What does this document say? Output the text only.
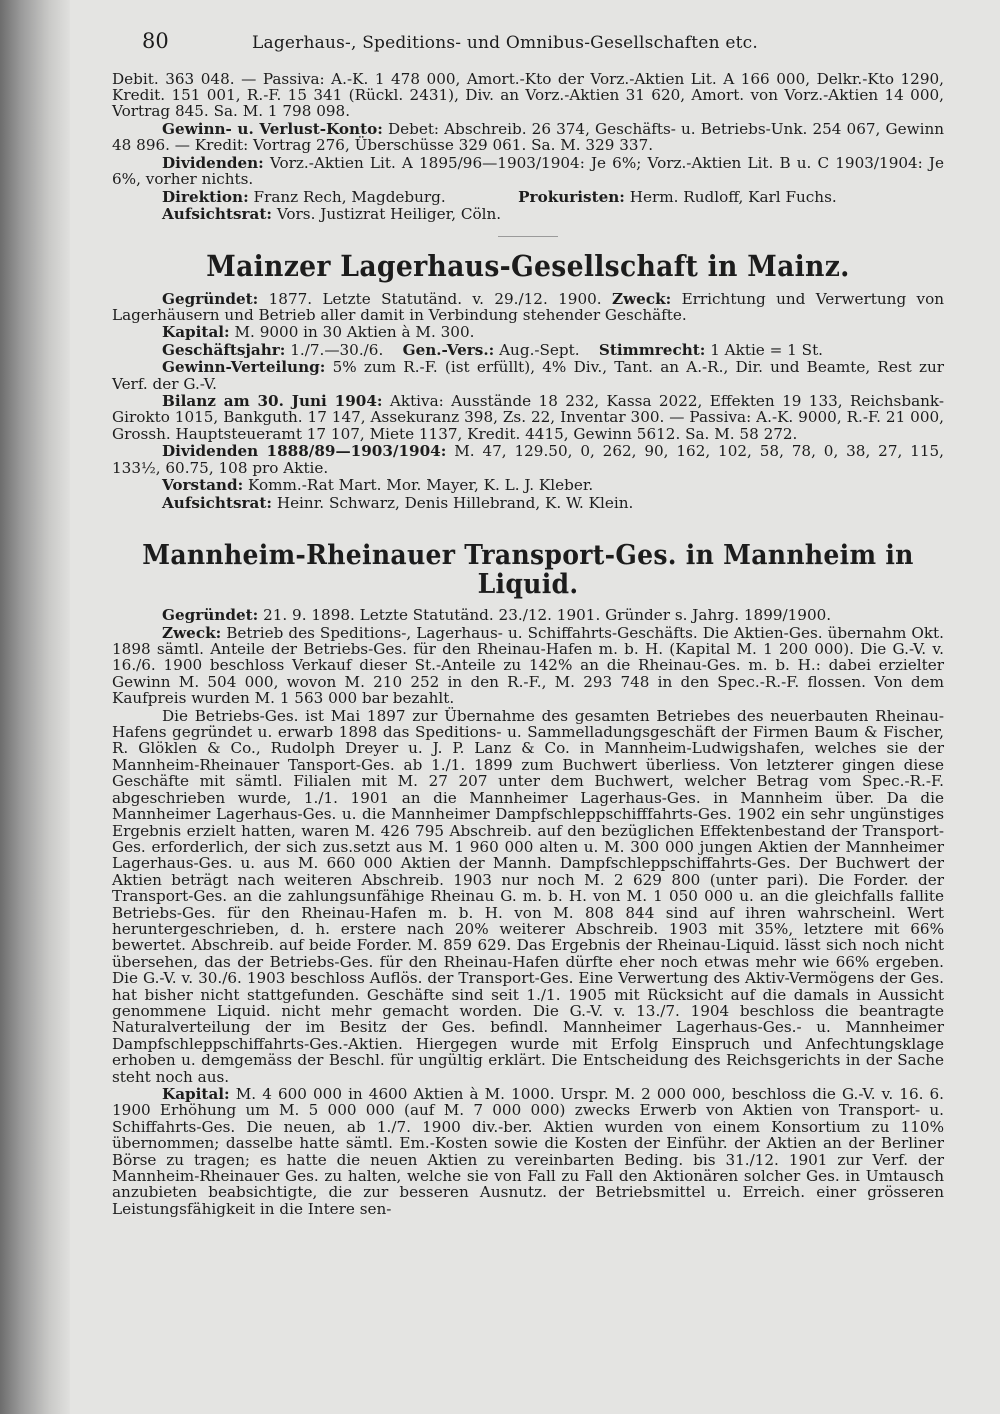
80	Lagerhaus-, Speditions- und Omnibus-Gesellschaften etc.

Debit. 363 048. — Passiva: A.-K. 1 478 000, Amort.-Kto der Vorz.-Aktien Lit. A 166 000, Delkr.-Kto 1290, Kredit. 151 001, R.-F. 15 341 (Rückl. 2431), Div. an Vorz.-Aktien 31 620, Amort. von Vorz.-Aktien 14 000, Vortrag 845. Sa. M. 1 798 098.

Gewinn- u. Verlust-Konto: Debet: Abschreib. 26 374, Geschäfts- u. Betriebs-Unk. 254 067, Gewinn 48 896. — Kredit: Vortrag 276, Überschüsse 329 061. Sa. M. 329 337.

Dividenden: Vorz.-Aktien Lit. A 1895/96—1903/1904: Je 6%; Vorz.-Aktien Lit. B u. C 1903/1904: Je 6%, vorher nichts.

Direktion: Franz Rech, Magdeburg.	Prokuristen: Herm. Rudloff, Karl Fuchs.

Aufsichtsrat: Vors. Justizrat Heiliger, Cöln.

Mainzer Lagerhaus-Gesellschaft in Mainz.

Gegründet: 1877. Letzte Statutänd. v. 29./12. 1900. Zweck: Errichtung und Verwertung von Lagerhäusern und Betrieb aller damit in Verbindung stehender Geschäfte.

Kapital: M. 9000 in 30 Aktien à M. 300.

Geschäftsjahr: 1./7.—30./6. Gen.-Vers.: Aug.-Sept. Stimmrecht: 1 Aktie = 1 St.

Gewinn-Verteilung: 5% zum R.-F. (ist erfüllt), 4% Div., Tant. an A.-R., Dir. und Beamte, Rest zur Verf. der G.-V.

Bilanz am 30. Juni 1904: Aktiva: Ausstände 18 232, Kassa 2022, Effekten 19 133, Reichsbank-Girokto 1015, Bankguth. 17 147, Assekuranz 398, Zs. 22, Inventar 300. — Passiva: A.-K. 9000, R.-F. 21 000, Grossh. Hauptsteueramt 17 107, Miete 1137, Kredit. 4415, Gewinn 5612. Sa. M. 58 272.

Dividenden 1888/89—1903/1904: M. 47, 129.50, 0, 262, 90, 162, 102, 58, 78, 0, 38, 27, 115, 133½, 60.75, 108 pro Aktie.

Vorstand: Komm.-Rat Mart. Mor. Mayer, K. L. J. Kleber.

Aufsichtsrat: Heinr. Schwarz, Denis Hillebrand, K. W. Klein.

Mannheim-Rheinauer Transport-Ges. in Mannheim in Liquid.

Gegründet: 21. 9. 1898. Letzte Statutänd. 23./12. 1901. Gründer s. Jahrg. 1899/1900.

Zweck: Betrieb des Speditions-, Lagerhaus- u. Schiffahrts-Geschäfts. Die Aktien-Ges. übernahm Okt. 1898 sämtl. Anteile der Betriebs-Ges. für den Rheinau-Hafen m. b. H. (Kapital M. 1 200 000). Die G.-V. v. 16./6. 1900 beschloss Verkauf dieser St.-Anteile zu 142% an die Rheinau-Ges. m. b. H.: dabei erzielter Gewinn M. 504 000, wovon M. 210 252 in den R.-F., M. 293 748 in den Spec.-R.-F. flossen. Von dem Kaufpreis wurden M. 1 563 000 bar bezahlt.

Die Betriebs-Ges. ist Mai 1897 zur Übernahme des gesamten Betriebes des neuerbauten Rheinau-Hafens gegründet u. erwarb 1898 das Speditions- u. Sammelladungsgeschäft der Firmen Baum & Fischer, R. Glöklen & Co., Rudolph Dreyer u. J. P. Lanz & Co. in Mannheim-Ludwigshafen, welches sie der Mannheim-Rheinauer Tansport-Ges. ab 1./1. 1899 zum Buchwert überliess. Von letzterer gingen diese Geschäfte mit sämtl. Filialen mit M. 27 207 unter dem Buchwert, welcher Betrag vom Spec.-R.-F. abgeschrieben wurde, 1./1. 1901 an die Mannheimer Lagerhaus-Ges. in Mannheim über. Da die Mannheimer Lagerhaus-Ges. u. die Mannheimer Dampfschleppschifffahrts-Ges. 1902 ein sehr ungünstiges Ergebnis erzielt hatten, waren M. 426 795 Abschreib. auf den bezüglichen Effektenbestand der Transport-Ges. erforderlich, der sich zus.setzt aus M. 1 960 000 alten u. M. 300 000 jungen Aktien der Mannheimer Lagerhaus-Ges. u. aus M. 660 000 Aktien der Mannh. Dampfschleppschiffahrts-Ges. Der Buchwert der Aktien beträgt nach weiteren Abschreib. 1903 nur noch M. 2 629 800 (unter pari). Die Forder. der Transport-Ges. an die zahlungsunfähige Rheinau G. m. b. H. von M. 1 050 000 u. an die gleichfalls fallite Betriebs-Ges. für den Rheinau-Hafen m. b. H. von M. 808 844 sind auf ihren wahrscheinl. Wert heruntergeschrieben, d. h. erstere nach 20% weiterer Abschreib. 1903 mit 35%, letztere mit 66% bewertet. Abschreib. auf beide Forder. M. 859 629. Das Ergebnis der Rheinau-Liquid. lässt sich noch nicht übersehen, das der Betriebs-Ges. für den Rheinau-Hafen dürfte eher noch etwas mehr wie 66% ergeben. Die G.-V. v. 30./6. 1903 beschloss Auflös. der Transport-Ges. Eine Verwertung des Aktiv-Vermögens der Ges. hat bisher nicht stattgefunden. Geschäfte sind seit 1./1. 1905 mit Rücksicht auf die damals in Aussicht genommene Liquid. nicht mehr gemacht worden. Die G.-V. v. 13./7. 1904 beschloss die beantragte Naturalverteilung der im Besitz der Ges. befindl. Mannheimer Lagerhaus-Ges.- u. Mannheimer Dampfschleppschiffahrts-Ges.-Aktien. Hiergegen wurde mit Erfolg Einspruch und Anfechtungsklage erhoben u. demgemäss der Beschl. für ungültig erklärt. Die Entscheidung des Reichsgerichts in der Sache steht noch aus.

Kapital: M. 4 600 000 in 4600 Aktien à M. 1000. Urspr. M. 2 000 000, beschloss die G.-V. v. 16. 6. 1900 Erhöhung um M. 5 000 000 (auf M. 7 000 000) zwecks Erwerb von Aktien von Transport- u. Schiffahrts-Ges. Die neuen, ab 1./7. 1900 div.-ber. Aktien wurden von einem Konsortium zu 110% übernommen; dasselbe hatte sämtl. Em.-Kosten sowie die Kosten der Einführ. der Aktien an der Berliner Börse zu tragen; es hatte die neuen Aktien zu vereinbarten Beding. bis 31./12. 1901 zur Verf. der Mannheim-Rheinauer Ges. zu halten, welche sie von Fall zu Fall den Aktionären solcher Ges. in Umtausch anzubieten beabsichtigte, die zur besseren Ausnutz. der Betriebsmittel u. Erreich. einer grösseren Leistungsfähigkeit in die Intere sen-
